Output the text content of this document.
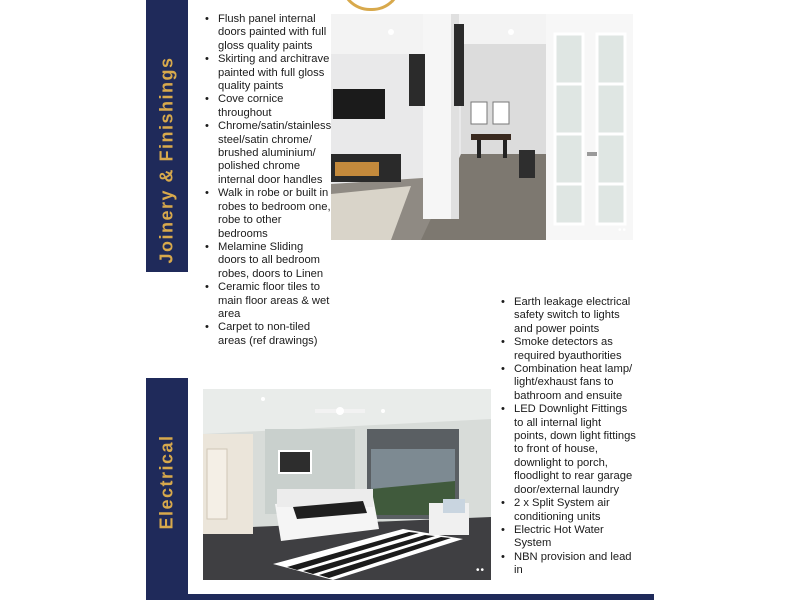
Joinery & Finishings
Electrical
• Flush panel internal doors painted with full gloss quality paints
• Skirting and architrave painted with full gloss quality paints
• Cove cornice throughout
• Chrome/satin/stainless steel/satin chrome/ brushed aluminium/ polished chrome internal door handles
• Walk in robe or built in robes to bedroom one, robe to other bedrooms
• Melamine Sliding doors to all bedroom robes, doors to Linen
• Ceramic floor tiles to main floor areas & wet area
• Carpet to non-tiled areas (ref drawings)
••
• Earth leakage electrical safety switch to lights and power points
• Smoke detectors as required byauthorities
• Combination heat lamp/ light/exhaust fans to bathroom and ensuite
• LED Downlight Fittings to all internal light points, down light fittings to front of house, downlight to porch, floodlight to rear garage door/external laundry
• 2 x Split System air conditioning units
• Electric Hot Water System
• NBN provision and lead in
••
